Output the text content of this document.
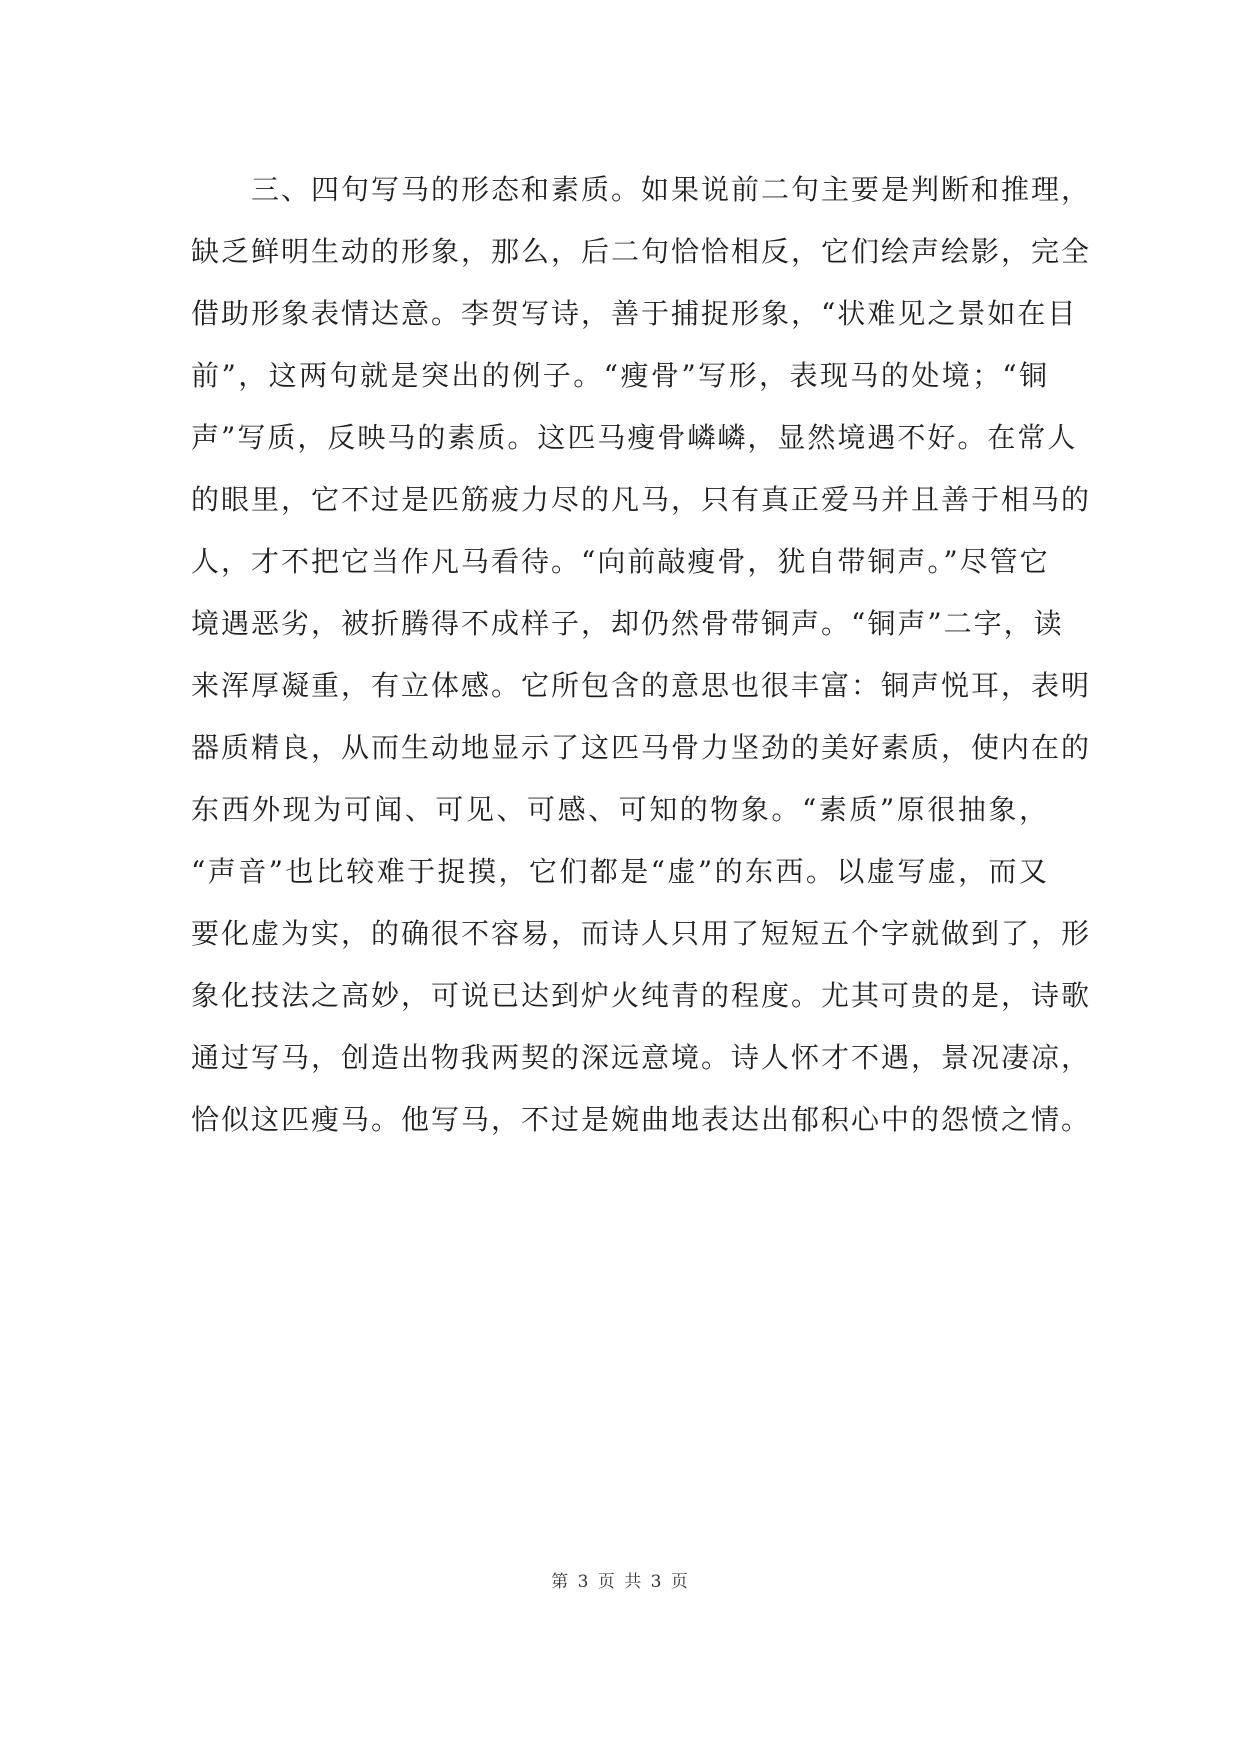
三、四句写马的形态和素质。如果说前二句主要是判断和推理，
缺乏鲜明生动的形象，那么，后二句恰恰相反，它们绘声绘影，完全
借助形象表情达意。李贺写诗，善于捕捉形象，“状难见之景如在目
前”，这两句就是突出的例子。“瘦骨”写形，表现马的处境；“铜
声”写质，反映马的素质。这匹马瘦骨嶙嶙，显然境遇不好。在常人
的眼里，它不过是匹筋疲力尽的凡马，只有真正爱马并且善于相马的
人，才不把它当作凡马看待。“向前敲瘦骨，犹自带铜声。”尽管它
境遇恶劣，被折腾得不成样子，却仍然骨带铜声。“铜声”二字，读
来浑厚凝重，有立体感。它所包含的意思也很丰富：铜声悦耳，表明
器质精良，从而生动地显示了这匹马骨力坚劲的美好素质，使内在的
东西外现为可闻、可见、可感、可知的物象。“素质”原很抽象，
“声音”也比较难于捉摸，它们都是“虚”的东西。以虚写虚，而又
要化虚为实，的确很不容易，而诗人只用了短短五个字就做到了，形
象化技法之高妙，可说已达到炉火纯青的程度。尤其可贵的是，诗歌
通过写马，创造出物我两契的深远意境。诗人怀才不遇，景况凄凉，
恰似这匹瘦马。他写马，不过是婉曲地表达出郁积心中的怨愤之情。
第 3 页 共 3 页
